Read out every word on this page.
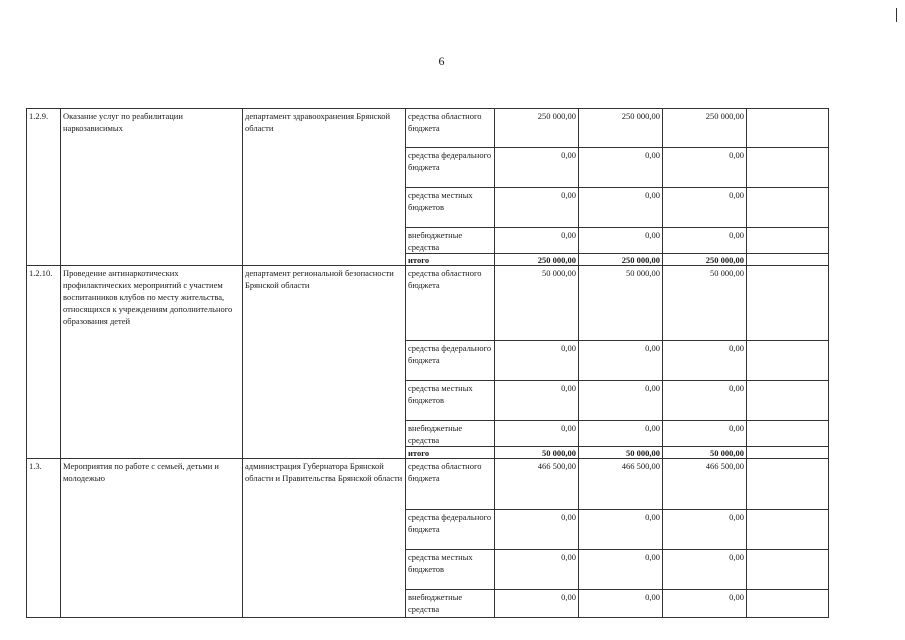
6
1.2.9.	Оказание услуг по реабилитации наркозависимых	департамент здравоохранения Брянской области	средства областного бюджета	250 000,00	250 000,00	250 000,00	
			средства федерального бюджета	0,00	0,00	0,00	
			средства местных бюджетов	0,00	0,00	0,00	
			внебюджетные средства	0,00	0,00	0,00	
			итого	250 000,00	250 000,00	250 000,00	
1.2.10.	Проведение антинаркотических профилактических мероприятий с участием воспитанников клубов по месту жительства, относящихся к учреждениям дополнительного образования детей	департамент региональной безопасности Брянской области	средства областного бюджета	50 000,00	50 000,00	50 000,00	
			средства федерального бюджета	0,00	0,00	0,00	
			средства местных бюджетов	0,00	0,00	0,00	
			внебюджетные средства	0,00	0,00	0,00	
			итого	50 000,00	50 000,00	50 000,00	
1.3.	Мероприятия по работе с семьей, детьми и молодежью	администрация Губернатора Брянской области и Правительства Брянской области	средства областного бюджета	466 500,00	466 500,00	466 500,00	
			средства федерального бюджета	0,00	0,00	0,00	
			средства местных бюджетов	0,00	0,00	0,00	
			внебюджетные средства	0,00	0,00	0,00	
